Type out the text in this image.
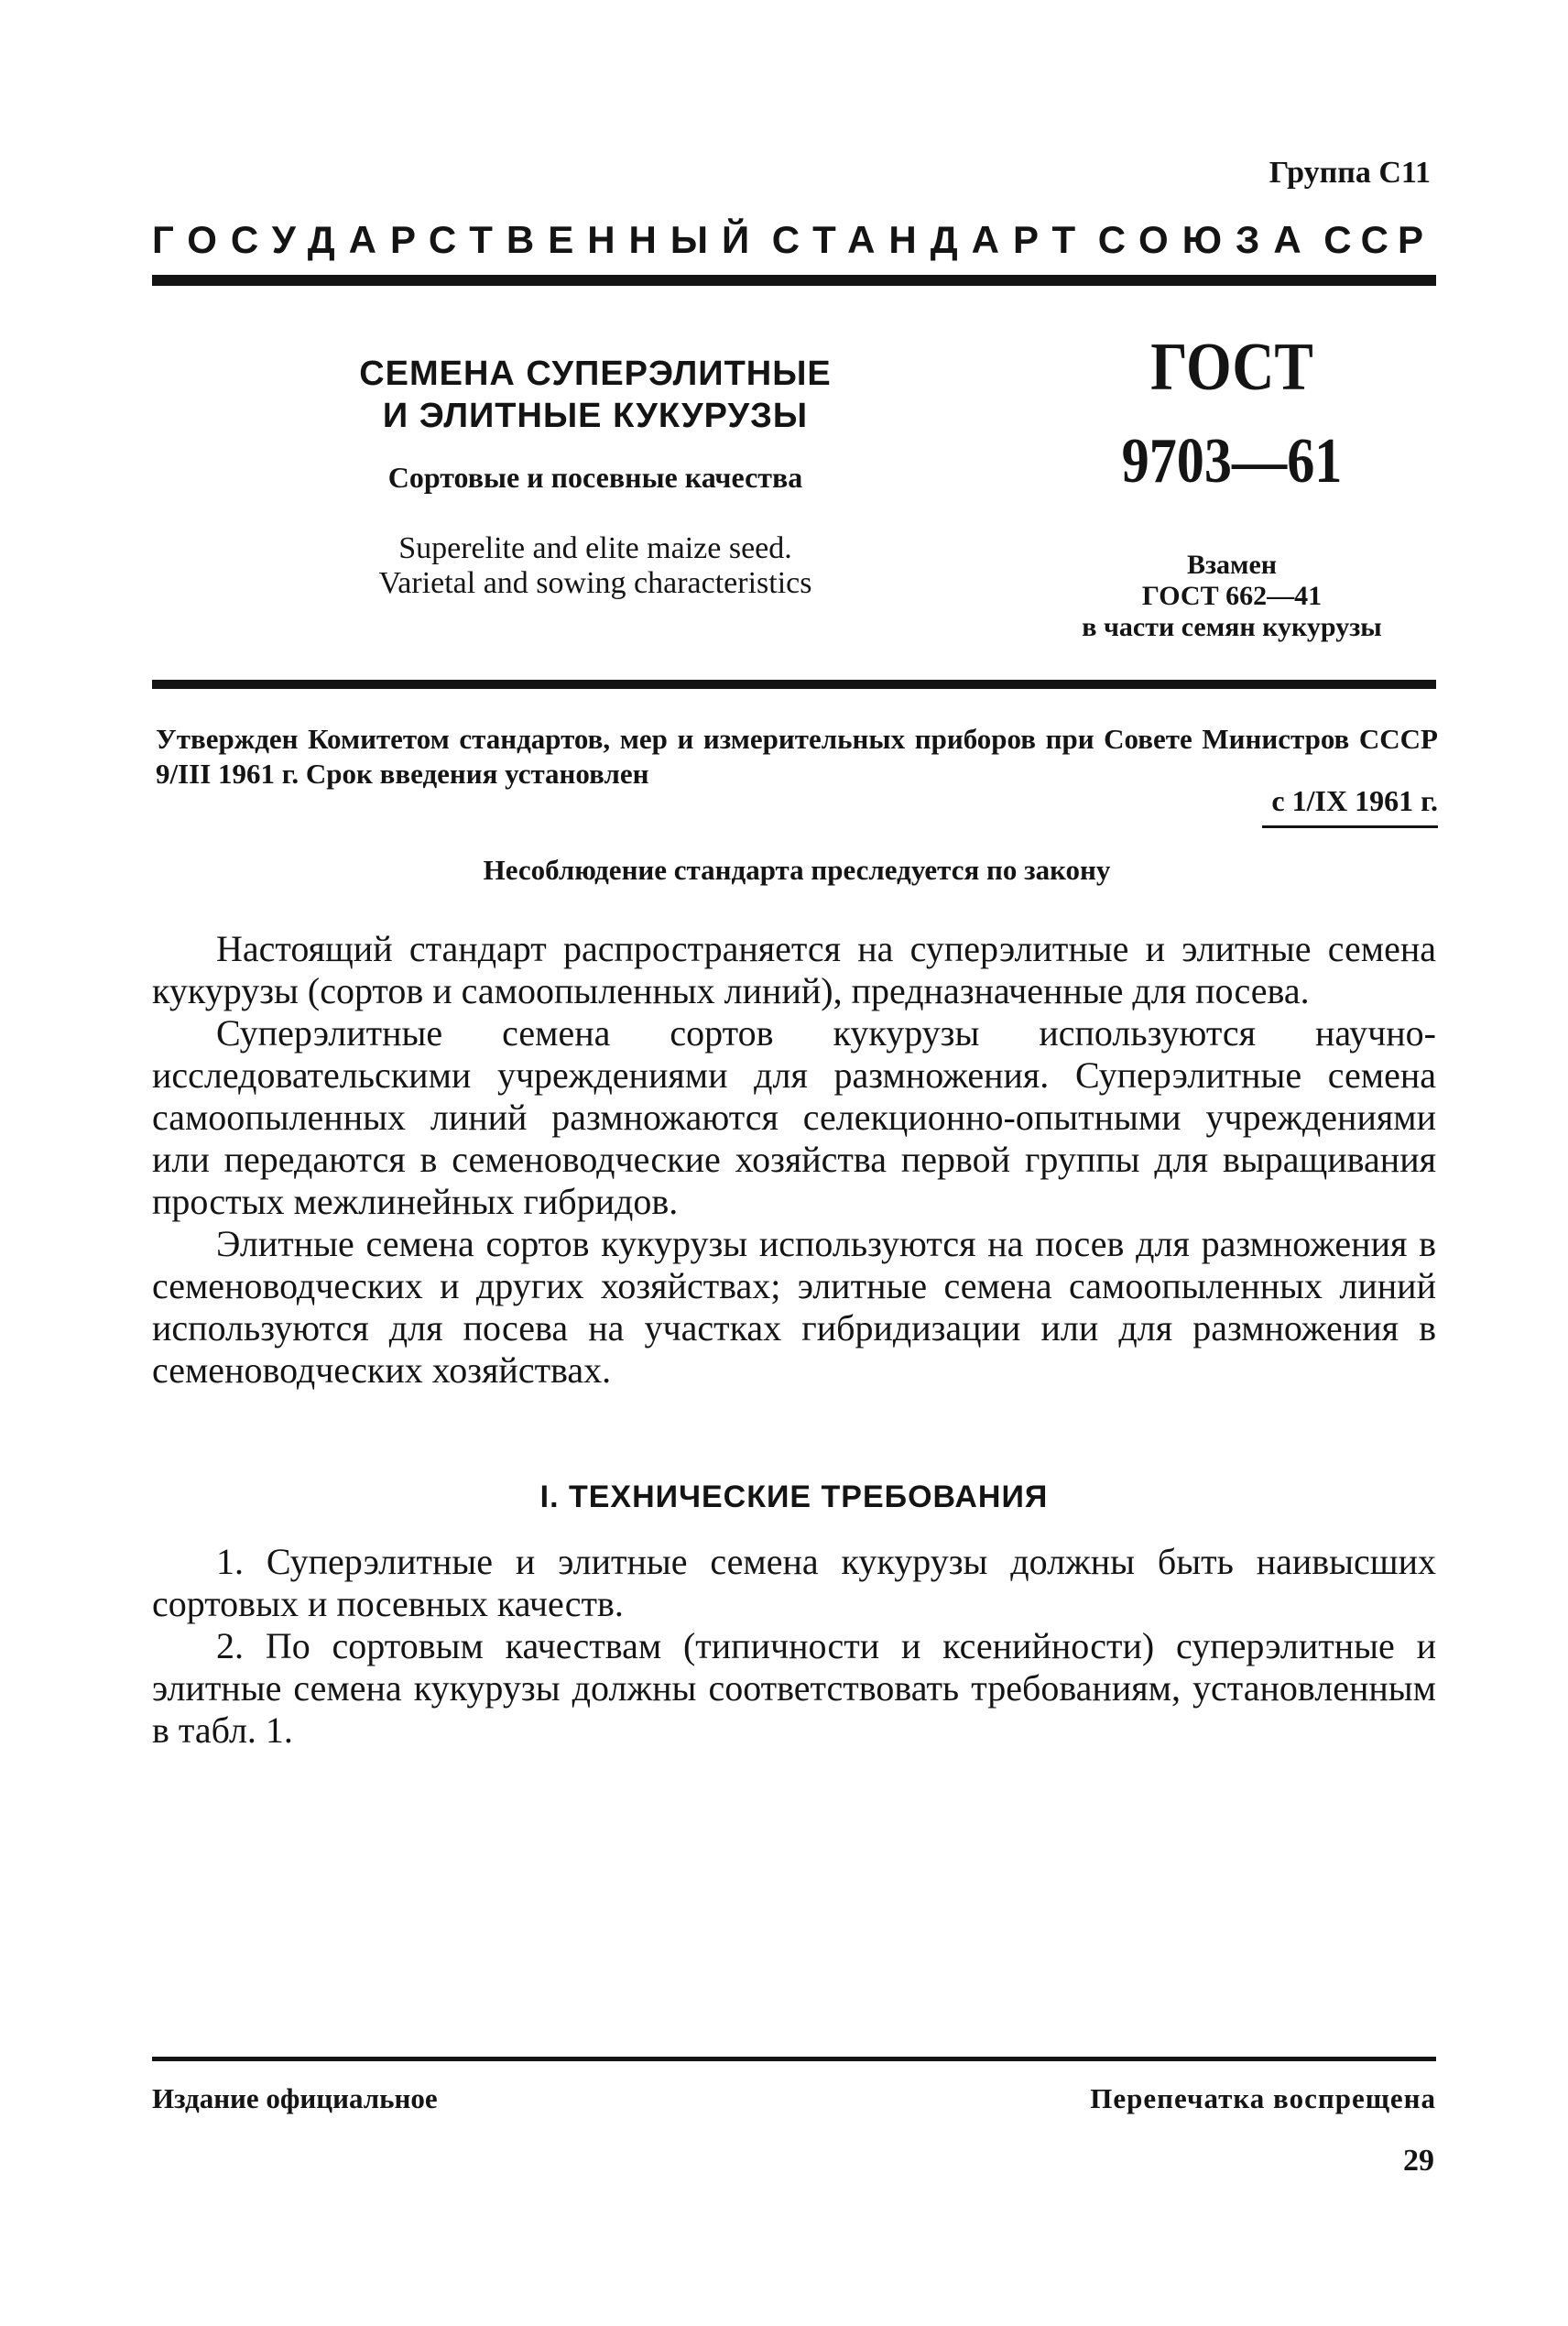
Группа С11
ГОСУДАРСТВЕННЫЙ СТАНДАРТ СОЮЗА ССР
СЕМЕНА СУПЕРЭЛИТНЫЕ
И ЭЛИТНЫЕ КУКУРУЗЫ
Сортовые и посевные качества
Superelite and elite maize seed.
Varietal and sowing characteristics
ГОСТ
9703—61
Взамен
ГОСТ 662—41
в части семян кукурузы
Утвержден Комитетом стандартов, мер и измерительных приборов при Совете Министров СССР 9/III 1961 г. Срок введения установлен
с 1/IX 1961 г.
Несоблюдение стандарта преследуется по закону

Настоящий стандарт распространяется на суперэлитные и элитные семена кукурузы (сортов и самоопыленных линий), предназначенные для посева.

Суперэлитные семена сортов кукурузы используются научно-исследовательскими учреждениями для размножения. Суперэлитные семена самоопыленных линий размножаются селекционно-опытными учреждениями или передаются в семеноводческие хозяйства первой группы для выращивания простых межлинейных гибридов.

Элитные семена сортов кукурузы используются на посев для размножения в семеноводческих и других хозяйствах; элитные семена самоопыленных линий используются для посева на участках гибридизации или для размножения в семеноводческих хозяйствах.

I. ТЕХНИЧЕСКИЕ ТРЕБОВАНИЯ

1. Суперэлитные и элитные семена кукурузы должны быть наивысших сортовых и посевных качеств.

2. По сортовым качествам (типичности и ксенийности) суперэлитные и элитные семена кукурузы должны соответствовать требованиям, установленным в табл. 1.

Издание официальное	Перепечатка воспрещена
29
